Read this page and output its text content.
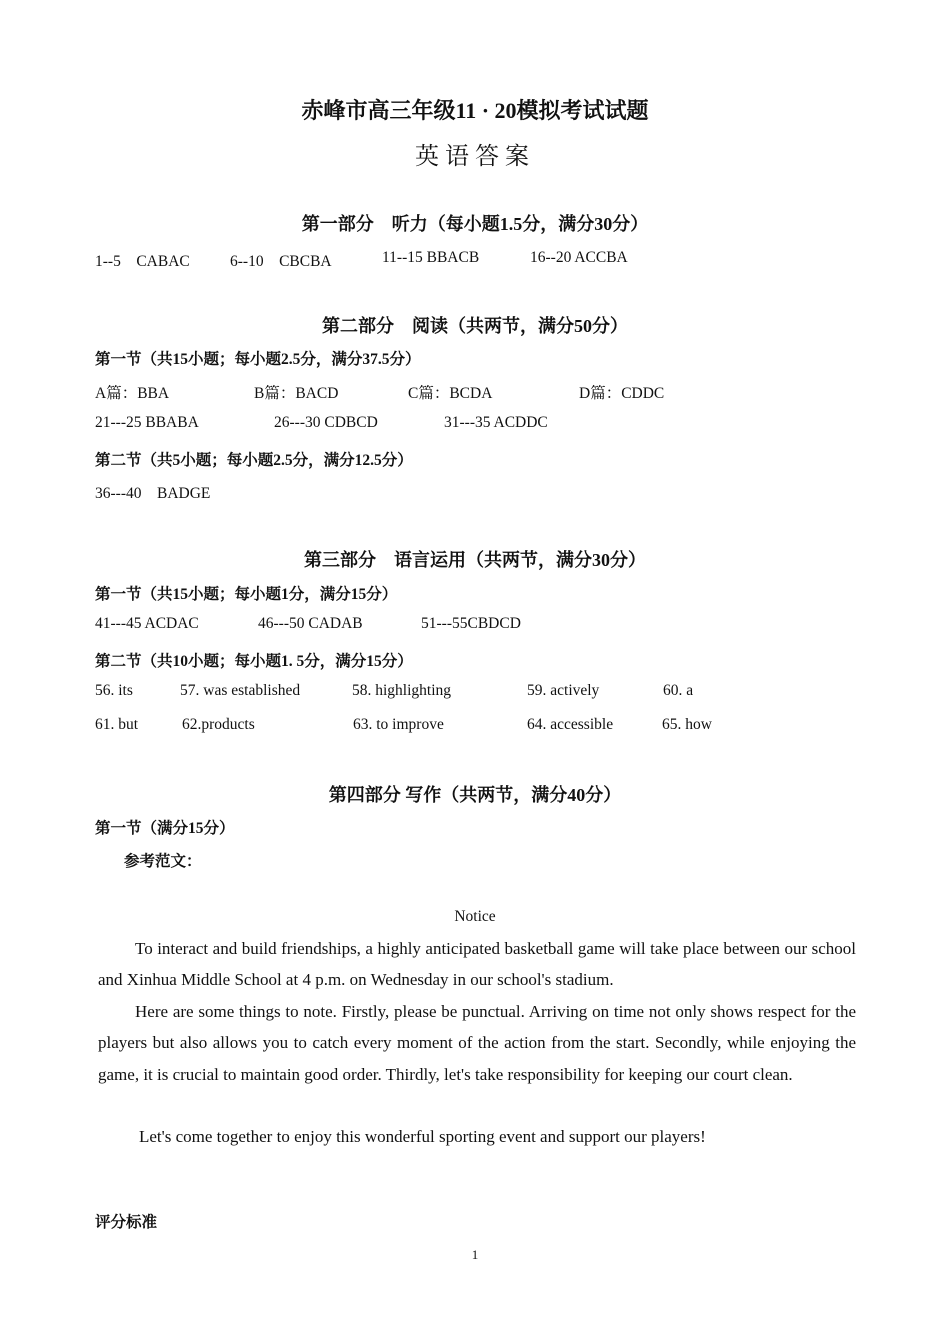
赤峰市高三年级11 · 20模拟考试试题
英语答案
第一部分　听力（每小题1.5分，满分30分）
1--5　CABAC	6--10　CBCBA	11--15 BBACB	16--20 ACCBA
第二部分　阅读（共两节，满分50分）
第一节（共15小题；每小题2.5分，满分37.5分）
A篇：BBA	B篇：BACD	C篇：BCDA	D篇：CDDC
21---25 BBABA	26---30 CDBCD	31---35 ACDDC
第二节（共5小题；每小题2.5分，满分12.5分）
36---40　BADGE
第三部分　语言运用（共两节，满分30分）
第一节（共15小题；每小题1分，满分15分）
41---45 ACDAC	46---50 CADAB	51---55CBDCD
第二节（共10小题；每小题1. 5分，满分15分）
56. its	57. was established	58. highlighting	59. actively	60. a
61. but	62.products	63. to improve	64. accessible	65. how
第四部分 写作（共两节，满分40分）
第一节（满分15分）
参考范文：
Notice
To interact and build friendships, a highly anticipated basketball game will take place between our school and Xinhua Middle School at 4 p.m. on Wednesday in our school's stadium.
Here are some things to note. Firstly, please be punctual. Arriving on time not only shows respect for the players but also allows you to catch every moment of the action from the start. Secondly, while enjoying the game, it is crucial to maintain good order. Thirdly, let's take responsibility for keeping our court clean.
Let's come together to enjoy this wonderful sporting event and support our players!
评分标准
1
